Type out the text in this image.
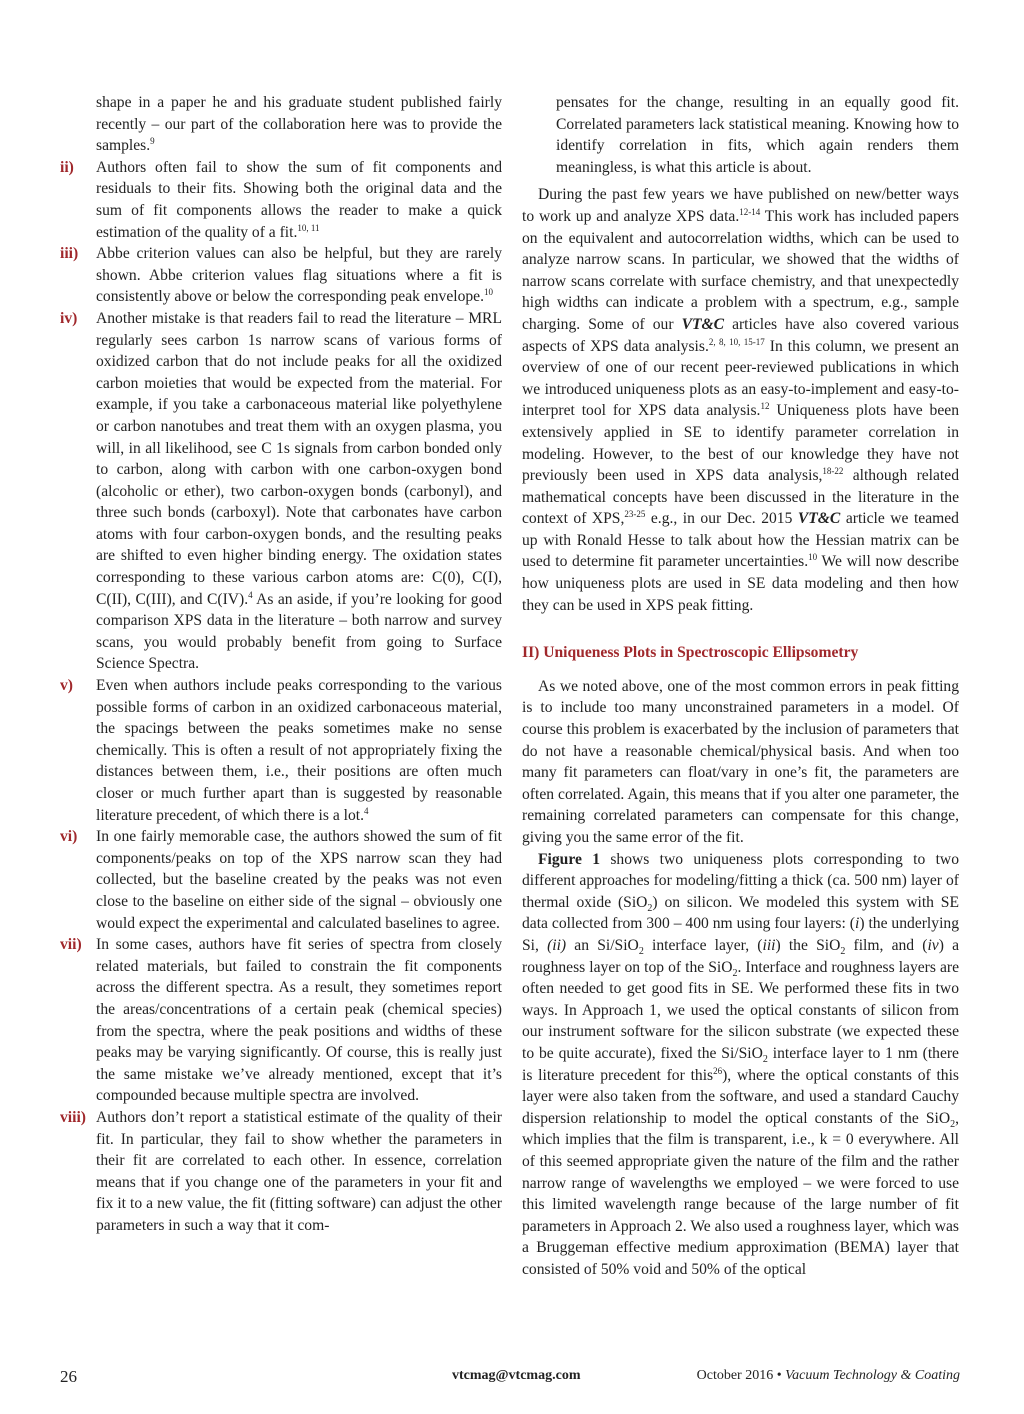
shape in a paper he and his graduate student published fairly recently – our part of the collaboration here was to provide the samples.$^9$

ii) Authors often fail to show the sum of fit components and residuals to their fits. Showing both the original data and the sum of fit components allows the reader to make a quick estimation of the quality of a fit.$^{10, 11}$

iii) Abbe criterion values can also be helpful, but they are rarely shown. Abbe criterion values flag situations where a fit is consistently above or below the corresponding peak envelope.$^{10}$

iv) Another mistake is that readers fail to read the literature – MRL regularly sees carbon 1s narrow scans of various forms of oxidized carbon that do not include peaks for all the oxidized carbon moieties that would be expected from the material. For example, if you take a carbonaceous material like polyethylene or carbon nanotubes and treat them with an oxygen plasma, you will, in all likelihood, see C 1s signals from carbon bonded only to carbon, along with carbon with one carbon-oxygen bond (alcoholic or ether), two carbon-oxygen bonds (carbonyl), and three such bonds (carboxyl). Note that carbonates have carbon atoms with four carbon-oxygen bonds, and the resulting peaks are shifted to even higher binding energy. The oxidation states corresponding to these various carbon atoms are: C(0), C(I), C(II), C(III), and C(IV).$^4$ As an aside, if you’re looking for good comparison XPS data in the literature – both narrow and survey scans, you would probably benefit from going to Surface Science Spectra.

v) Even when authors include peaks corresponding to the various possible forms of carbon in an oxidized carbonaceous material, the spacings between the peaks sometimes make no sense chemically. This is often a result of not appropriately fixing the distances between them, i.e., their positions are often much closer or much further apart than is suggested by reasonable literature precedent, of which there is a lot.$^4$

vi) In one fairly memorable case, the authors showed the sum of fit components/peaks on top of the XPS narrow scan they had collected, but the baseline created by the peaks was not even close to the baseline on either side of the signal – obviously one would expect the experimental and calculated baselines to agree.

vii) In some cases, authors have fit series of spectra from closely related materials, but failed to constrain the fit components across the different spectra. As a result, they sometimes report the areas/concentrations of a certain peak (chemical species) from the spectra, where the peak positions and widths of these peaks may be varying significantly. Of course, this is really just the same mistake we’ve already mentioned, except that it’s compounded because multiple spectra are involved.

viii) Authors don’t report a statistical estimate of the quality of their fit. In particular, they fail to show whether the parameters in their fit are correlated to each other. In essence, correlation means that if you change one of the parameters in your fit and fix it to a new value, the fit (fitting software) can adjust the other parameters in such a way that it com-

pensates for the change, resulting in an equally good fit. Correlated parameters lack statistical meaning. Knowing how to identify correlation in fits, which again renders them meaningless, is what this article is about.

During the past few years we have published on new/better ways to work up and analyze XPS data.$^{12-14}$ This work has included papers on the equivalent and autocorrelation widths, which can be used to analyze narrow scans. In particular, we showed that the widths of narrow scans correlate with surface chemistry, and that unexpectedly high widths can indicate a problem with a spectrum, e.g., sample charging. Some of our VT&C articles have also covered various aspects of XPS data analysis.$^{2, 8, 10, 15-17}$ In this column, we present an overview of one of our recent peer-reviewed publications in which we introduced uniqueness plots as an easy-to-implement and easy-to-interpret tool for XPS data analysis.$^{12}$ Uniqueness plots have been extensively applied in SE to identify parameter correlation in modeling. However, to the best of our knowledge they have not previously been used in XPS data analysis,$^{18-22}$ although related mathematical concepts have been discussed in the literature in the context of XPS,$^{23-25}$ e.g., in our Dec. 2015 VT&C article we teamed up with Ronald Hesse to talk about how the Hessian matrix can be used to determine fit parameter uncertainties.$^{10}$ We will now describe how uniqueness plots are used in SE data modeling and then how they can be used in XPS peak fitting.

II) Uniqueness Plots in Spectroscopic Ellipsometry

As we noted above, one of the most common errors in peak fitting is to include too many unconstrained parameters in a model. Of course this problem is exacerbated by the inclusion of parameters that do not have a reasonable chemical/physical basis. And when too many fit parameters can float/vary in one’s fit, the parameters are often correlated. Again, this means that if you alter one parameter, the remaining correlated parameters can compensate for this change, giving you the same error of the fit.

Figure 1 shows two uniqueness plots corresponding to two different approaches for modeling/fitting a thick (ca. 500 nm) layer of thermal oxide (SiO$_2$) on silicon. We modeled this system with SE data collected from 300 – 400 nm using four layers: (i) the underlying Si, (ii) an Si/SiO$_2$ interface layer, (iii) the SiO$_2$ film, and (iv) a roughness layer on top of the SiO$_2$. Interface and roughness layers are often needed to get good fits in SE. We performed these fits in two ways. In Approach 1, we used the optical constants of silicon from our instrument software for the silicon substrate (we expected these to be quite accurate), fixed the Si/SiO$_2$ interface layer to 1 nm (there is literature precedent for this$^{26}$), where the optical constants of this layer were also taken from the software, and used a standard Cauchy dispersion relationship to model the optical constants of the SiO$_2$, which implies that the film is transparent, i.e., k = 0 everywhere. All of this seemed appropriate given the nature of the film and the rather narrow range of wavelengths we employed – we were forced to use this limited wavelength range because of the large number of fit parameters in Approach 2. We also used a roughness layer, which was a Bruggeman effective medium approximation (BEMA) layer that consisted of 50% void and 50% of the optical

26	vtcmag@vtcmag.com	October 2016 • Vacuum Technology & Coating
